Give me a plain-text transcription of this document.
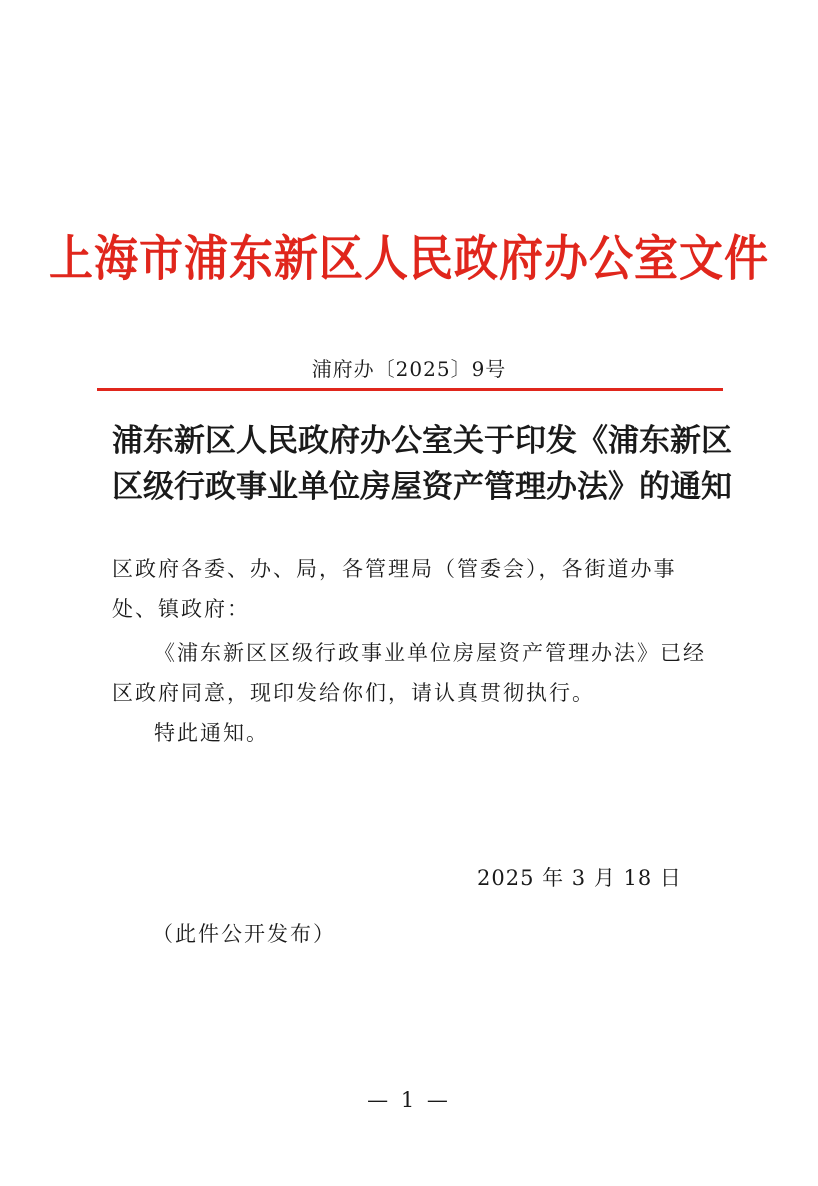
上海市浦东新区人民政府办公室文件
浦府办〔2025〕9号
浦东新区人民政府办公室关于印发《浦东新区
区级行政事业单位房屋资产管理办法》的通知
区政府各委、办、局，各管理局（管委会），各街道办事处、镇政府：
《浦东新区区级行政事业单位房屋资产管理办法》已经区政府同意，现印发给你们，请认真贯彻执行。
特此通知。
2025 年 3 月 18 日
（此件公开发布）
— 1 —
